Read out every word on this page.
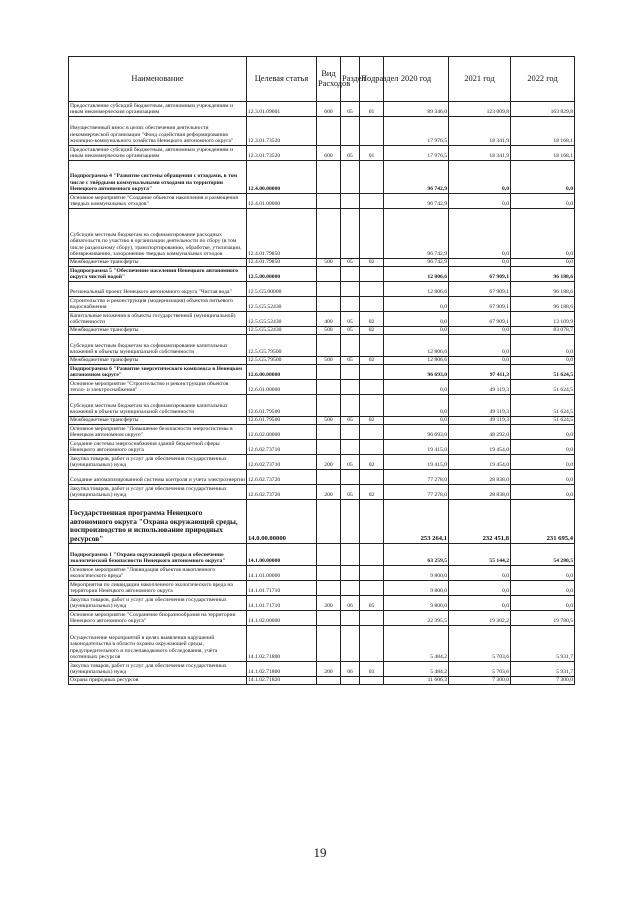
Наименование	Целевая статья	Вид Расходов	Раздел	Подраздел	2020 год	2021 год	2022 год
Предоставление субсидий бюджетным, автономным учреждениям и иным некоммерческим организациям	12.3.01.09601	600	05	01	89 346,0	123 009,8	163 829,8
Имущественный взнос в целях обеспечения деятельности некоммерческой организации "Фонд содействия реформированию жилищно-коммунального хозяйства Ненецкого автономного округа"	12.3.01.73520				17 976,5	18 341,9	18 168,1
Предоставление субсидий бюджетным, автономным учреждениям и иным некоммерческим организациям	12.3.01.73520	600	05	01	17 976,5	18 341,9	18 168,1
Подпрограмма 4 "Развитие системы обращения с отходами, в том числе с твёрдыми коммунальными отходами на территории Ненецкого автономного округа"	12.4.00.00000				96 742,9	0,0	0,0
Основное мероприятие "Создание объектов накопления и размещения твердых коммунальных отходов"	12.4.01.00000				96 742,9	0,0	0,0
Субсидии местным бюджетам на софинансирование расходных обязательств по участию в организации деятельности по сбору (в том числе раздельному сбору), транспортированию, обработке, утилизации, обезвреживанию, захоронению твердых коммунальных отходов	12.4.01.79850				96 742,9	0,0	0,0
Межбюджетные трансферты	12.4.01.79850	500	05	02	96 742,9	0,0	0,0
Подпрограмма 5 "Обеспечение населения Ненецкого автономного округа чистой водой"	12.5.00.00000				12 806,6	67 909,1	96 188,6
Региональный проект Ненецкого автономного округа "Чистая вода"	12.5.G5.00000				12 806,6	67 909,1	96 188,6
Строительство и реконструкция (модернизация) объектов питьевого водоснабжения	12.5.G5.52430				0,0	67 909,1	96 188,6
Капитальные вложения в объекты государственной (муниципальной) собственности	12.5.G5.52430	400	05	02	0,0	67 909,1	13 109,9
Межбюджетные трансферты	12.5.G5.52430	500	05	02	0,0	0,0	83 078,7
Субсидии местным бюджетам на софинансирование капитальных вложений в объекты муниципальной собственности	12.5.G5.79500				12 806,6	0,0	0,0
Межбюджетные трансферты	12.5.G5.79500	500	05	02	12 806,6	0,0	0,0
Подпрограмма 6 "Развитие энергетического комплекса в Ненецком автономном округе"	12.6.00.00000				96 693,0	97 411,3	51 624,5
Основное мероприятие "Строительство и реконструкция объектов тепло- и электроснабжения"	12.6.01.00000				0,0	49 119,3	51 624,5
Субсидии местным бюджетам на софинансирование капитальных вложений в объекты муниципальной собственности	12.6.01.79500				0,0	49 119,3	51 624,5
Межбюджетные трансферты	12.6.01.79500	500	05	02	0,0	49 119,3	51 624,5
Основное мероприятие "Повышение безопасности энергосистемы в Ненецком автономном округе"	12.6.02.00000				96 693,0	48 292,0	0,0
Создание системы энергоснабжения зданий бюджетной сферы Ненецкого автономного округа	12.6.02.73710				19 415,0	19 454,0	0,0
Закупка товаров, работ и услуг для обеспечения государственных (муниципальных) нужд	12.6.02.73710	200	05	02	19 415,0	19 454,0	0,0
Создание автоматизированной системы контроля и учета электроэнергии	12.6.02.73720				77 278,0	28 838,0	0,0
Закупка товаров, работ и услуг для обеспечения государственных (муниципальных) нужд	12.6.02.73720	200	05	02	77 278,0	28 838,0	0,0
Государственная программа Ненецкого автономного округа "Охрана окружающей среды, воспроизводство и использование природных ресурсов"	14.0.00.00000				253 264,1	232 451,8	231 695,4
Подпрограмма 1 "Охрана окружающей среды и обеспечение экологической безопасности Ненецкого автономного округа"	14.1.00.00000				63 259,5	55 144,2	54 280,5
Основное мероприятие "Ликвидация объектов накопленного экологического вреда"	14.1.01.00000				9 800,0	0,0	0,0
Мероприятия по ликвидации накопленного экологического вреда на территории Ненецкого автономного округа	14.1.01.71710				9 800,0	0,0	0,0
Закупка товаров, работ и услуг для обеспечения государственных (муниципальных) нужд	14.1.01.71710	200	06	05	9 800,0	0,0	0,0
Основное мероприятие "Сохранение биоразнообразия на территории Ненецкого автономного округа"	14.1.02.00000				22 395,5	19 302,2	19 780,5
Осуществление мероприятий в целях выявления нарушений законодательства в области охраны окружающей среды, предупредительного и послепаводкового обследования, учёта охотничьих ресурсов	14.1.02.71800				5 484,2	5 703,6	5 931,7
Закупка товаров, работ и услуг для обеспечения государственных (муниципальных) нужд	14.1.02.71800	200	06	03	5 484,2	5 703,6	5 931,7
Охрана природных ресурсов	14.1.02.71820				11 606,3	7 300,0	7 300,0
19
